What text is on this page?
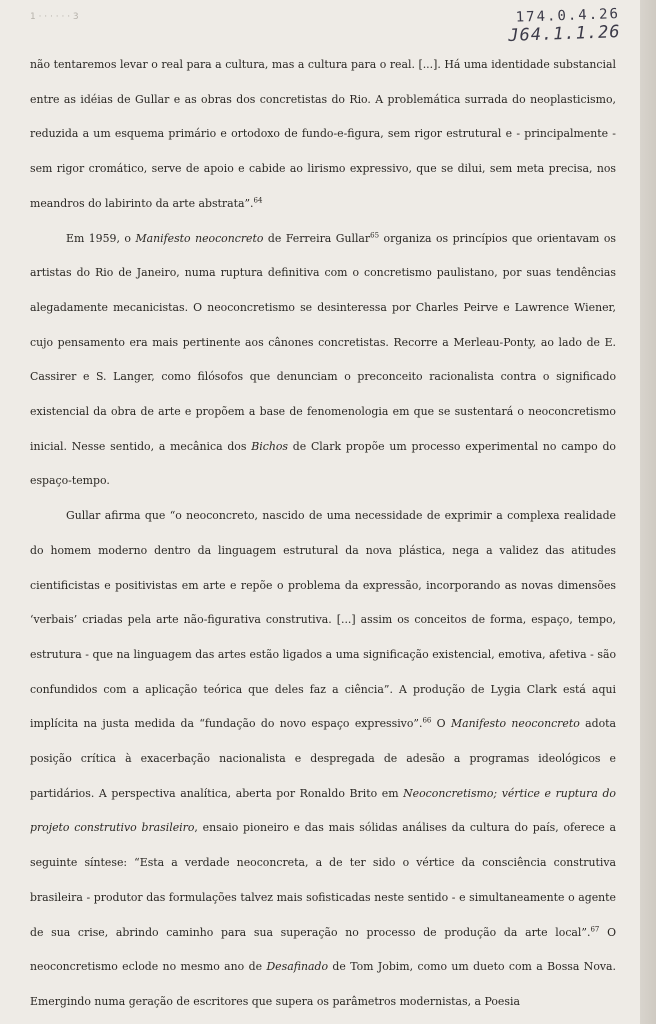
1 · · · · · · 3	174.0.4.26
J64.1.1.26

não tentaremos levar o real para a cultura, mas a cultura para o real. [...]. Há uma identidade substancial entre as idéias de Gullar e as obras dos concretistas do Rio. A problemática surrada do neoplasticismo, reduzida a um esquema primário e ortodoxo de fundo-e-figura, sem rigor estrutural e - principalmente - sem rigor cromático, serve de apoio e cabide ao lirismo expressivo, que se dilui, sem meta precisa, nos meandros do labirinto da arte abstrata”.$^{64}$

Em 1959, o Manifesto neoconcreto de Ferreira Gullar$^{65}$ organiza os princípios que orientavam os artistas do Rio de Janeiro, numa ruptura definitiva com o concretismo paulistano, por suas tendências alegadamente mecanicistas. O neoconcretismo se desinteressa por Charles Peirve e Lawrence Wiener, cujo pensamento era mais pertinente aos cânones concretistas. Recorre a Merleau-Ponty, ao lado de E. Cassirer e S. Langer, como filósofos que denunciam o preconceito racionalista contra o significado existencial da obra de arte e propõem a base de fenomenologia em que se sustentará o neoconcretismo inicial. Nesse sentido, a mecânica dos Bichos de Clark propõe um processo experimental no campo do espaço-tempo.

Gullar afirma que “o neoconcreto, nascido de uma necessidade de exprimir a complexa realidade do homem moderno dentro da linguagem estrutural da nova plástica, nega a validez das atitudes cientificistas e positivistas em arte e repõe o problema da expressão, incorporando as novas dimensões ‘verbais’ criadas pela arte não-figurativa construtiva. [...] assim os conceitos de forma, espaço, tempo, estrutura - que na linguagem das artes estão ligados a uma significação existencial, emotiva, afetiva - são confundidos com a aplicação teórica que deles faz a ciência”. A produção de Lygia Clark está aqui implícita na justa medida da “fundação do novo espaço expressivo”.$^{66}$ O Manifesto neoconcreto adota posição crítica à exacerbação nacionalista e despregada de adesão a programas ideológicos e partidários. A perspectiva analítica, aberta por Ronaldo Brito em Neoconcretismo; vértice e ruptura do projeto construtivo brasileiro, ensaio pioneiro e das mais sólidas análises da cultura do país, oferece a seguinte síntese: “Esta a verdade neoconcreta, a de ter sido o vértice da consciência construtiva brasileira - produtor das formulações talvez mais sofisticadas neste sentido - e simultaneamente o agente de sua crise, abrindo caminho para sua superação no processo de produção da arte local”.$^{67}$ O neoconcretismo eclode no mesmo ano de Desafinado de Tom Jobim, como um dueto com a Bossa Nova. Emergindo numa geração de escritores que supera os parâmetros modernistas, a Poesia
